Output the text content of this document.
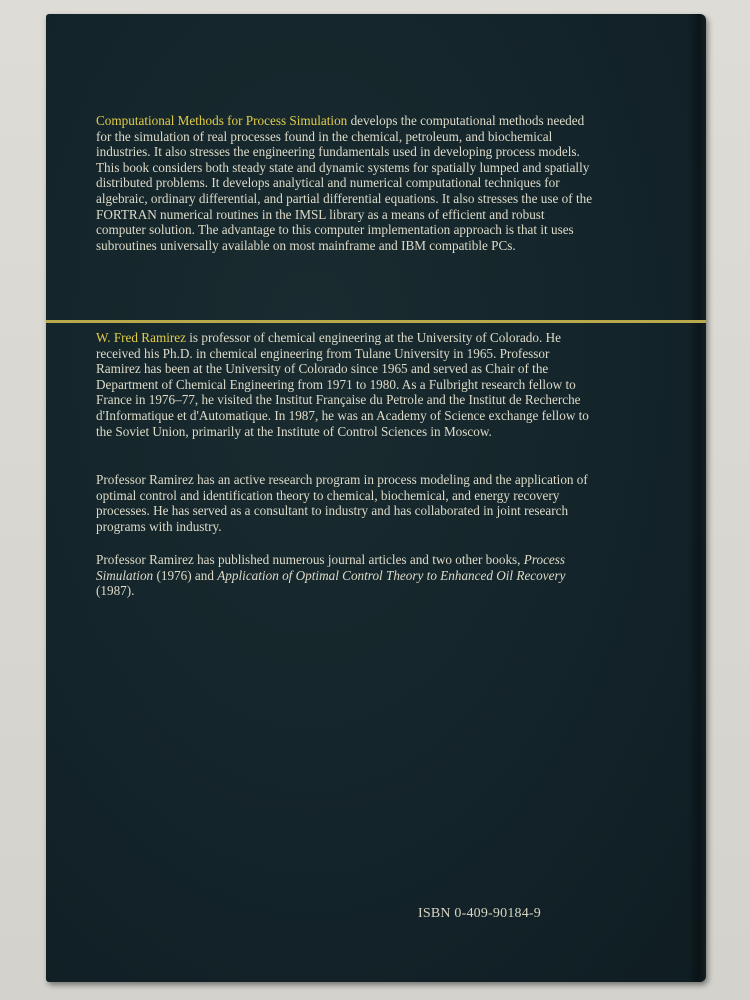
Computational Methods for Process Simulation develops the computational methods needed for the simulation of real processes found in the chemical, petroleum, and biochemical industries. It also stresses the engineering fundamentals used in developing process models. This book considers both steady state and dynamic systems for spatially lumped and spatially distributed problems. It develops analytical and numerical computational techniques for algebraic, ordinary differential, and partial differential equations. It also stresses the use of the FORTRAN numerical routines in the IMSL library as a means of efficient and robust computer solution. The advantage to this computer implementation approach is that it uses subroutines universally available on most mainframe and IBM compatible PCs.

W. Fred Ramirez is professor of chemical engineering at the University of Colorado. He received his Ph.D. in chemical engineering from Tulane University in 1965. Professor Ramirez has been at the University of Colorado since 1965 and served as Chair of the Department of Chemical Engineering from 1971 to 1980. As a Fulbright research fellow to France in 1976–77, he visited the Institut Française du Petrole and the Institut de Recherche d'Informatique et d'Automatique. In 1987, he was an Academy of Science exchange fellow to the Soviet Union, primarily at the Institute of Control Sciences in Moscow.

Professor Ramirez has an active research program in process modeling and the application of optimal control and identification theory to chemical, biochemical, and energy recovery processes. He has served as a consultant to industry and has collaborated in joint research programs with industry.

Professor Ramirez has published numerous journal articles and two other books, Process Simulation (1976) and Application of Optimal Control Theory to Enhanced Oil Recovery (1987).

ISBN 0-409-90184-9
